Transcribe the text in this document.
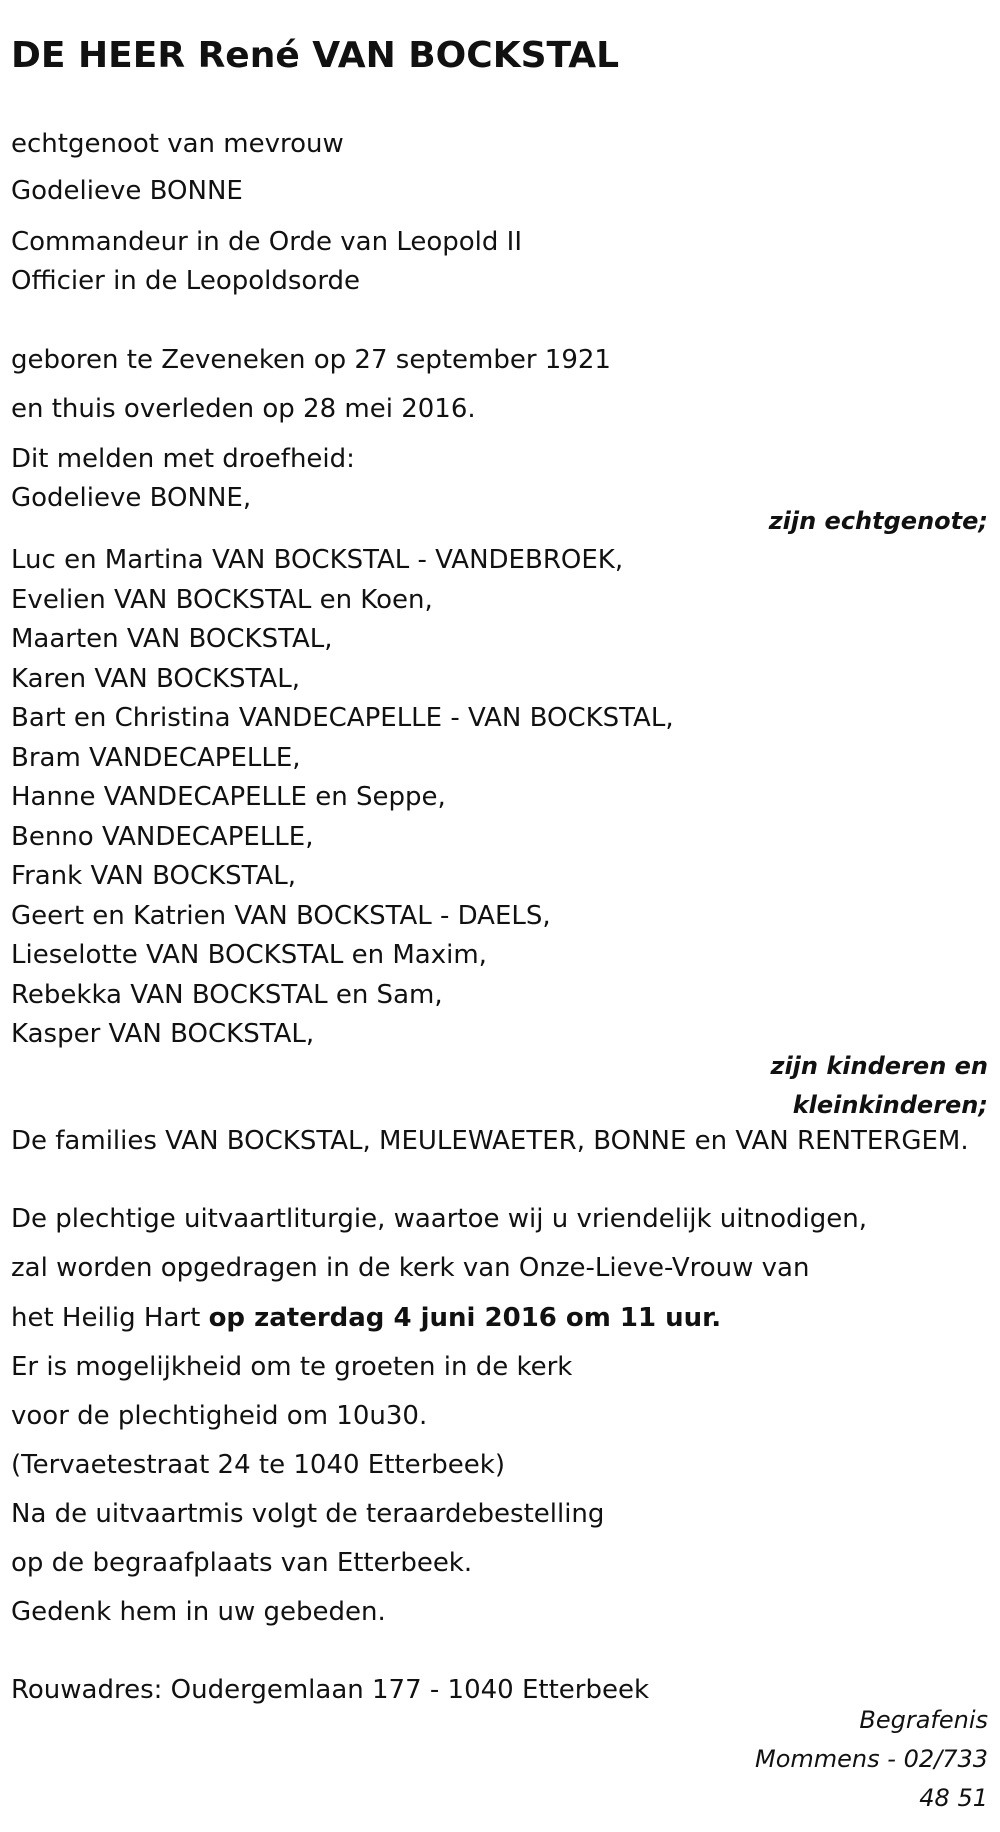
DE HEER René VAN BOCKSTAL
echtgenoot van mevrouw
Godelieve BONNE
Commandeur in de Orde van Leopold II
Officier in de Leopoldsorde
geboren te Zeveneken op 27 september 1921
en thuis overleden op 28 mei 2016.
Dit melden met droefheid:
Godelieve BONNE,
zijn echtgenote;
Luc en Martina VAN BOCKSTAL - VANDEBROEK,
Evelien VAN BOCKSTAL en Koen,
Maarten VAN BOCKSTAL,
Karen VAN BOCKSTAL,
Bart en Christina VANDECAPELLE - VAN BOCKSTAL,
Bram VANDECAPELLE,
Hanne VANDECAPELLE en Seppe,
Benno VANDECAPELLE,
Frank VAN BOCKSTAL,
Geert en Katrien VAN BOCKSTAL - DAELS,
Lieselotte VAN BOCKSTAL en Maxim,
Rebekka VAN BOCKSTAL en Sam,
Kasper VAN BOCKSTAL,
zijn kinderen en
kleinkinderen;
De families VAN BOCKSTAL, MEULEWAETER, BONNE en VAN RENTERGEM.
De plechtige uitvaartliturgie, waartoe wij u vriendelijk uitnodigen,
zal worden opgedragen in de kerk van Onze-Lieve-Vrouw van
het Heilig Hart op zaterdag 4 juni 2016 om 11 uur.
Er is mogelijkheid om te groeten in de kerk
voor de plechtigheid om 10u30.
(Tervaetestraat 24 te 1040 Etterbeek)
Na de uitvaartmis volgt de teraardebestelling
op de begraafplaats van Etterbeek.
Gedenk hem in uw gebeden.
Rouwadres: Oudergemlaan 177 - 1040 Etterbeek
Begrafenis
Mommens - 02/733
48 51
